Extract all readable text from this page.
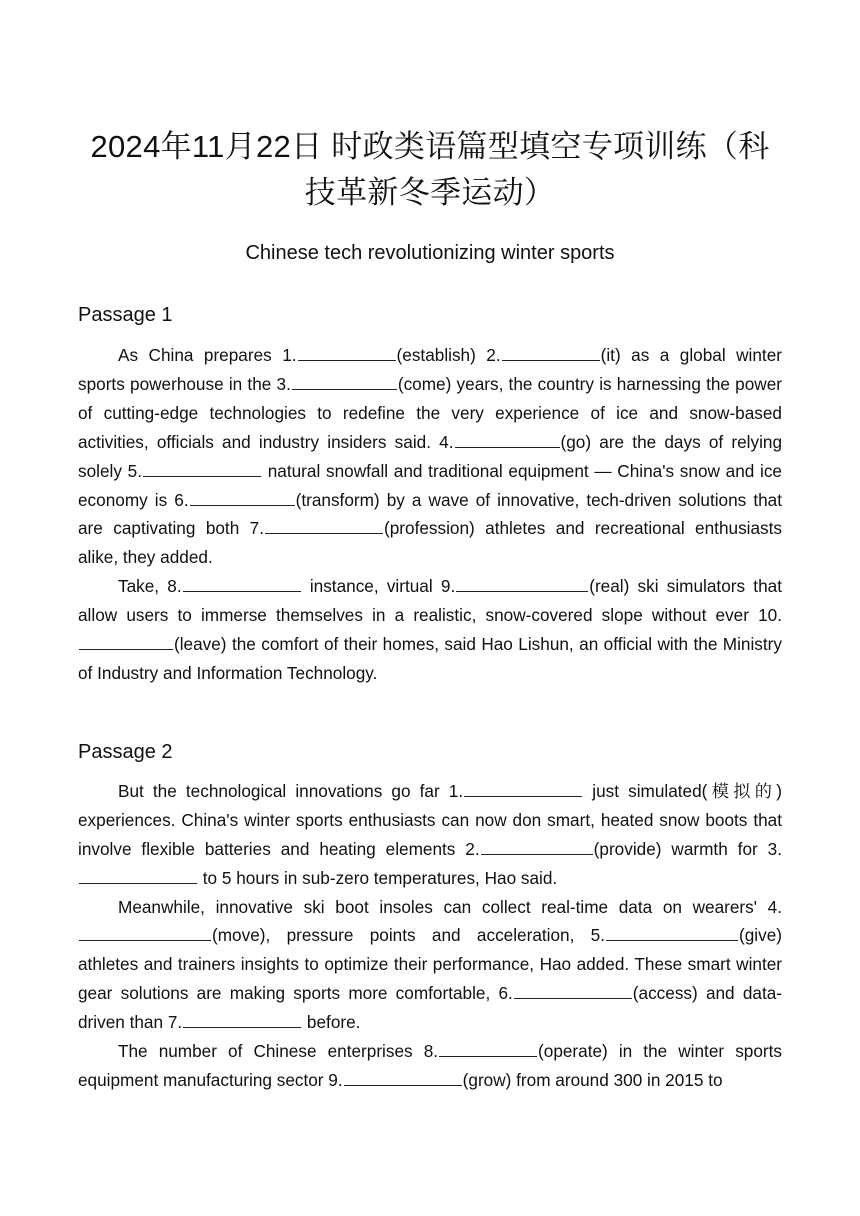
2024年11月22日 时政类语篇型填空专项训练（科技革新冬季运动）
Chinese tech revolutionizing winter sports
Passage 1

As China prepares 1.	(establish) 2.	(it) as a global winter sports powerhouse in the 3.	(come) years, the country is harnessing the power of cutting-edge technologies to redefine the very experience of ice and snow-based activities, officials and industry insiders said. 4.	(go) are the days of relying solely 5.	natural snowfall and traditional equipment — China's snow and ice economy is 6.	(transform) by a wave of innovative, tech-driven solutions that are captivating both 7.	(profession) athletes and recreational enthusiasts alike, they added.

Take, 8.	instance, virtual 9.	(real) ski simulators that allow users to immerse themselves in a realistic, snow-covered slope without ever 10.(leave) the comfort of their homes, said Hao Lishun, an official with the Ministry of Industry and Information Technology.

Passage 2

But the technological innovations go far 1.	just simulated(模拟的) experiences. China's winter sports enthusiasts can now don smart, heated snow boots that involve flexible batteries and heating elements 2.	(provide) warmth for 3. to 5 hours in sub-zero temperatures, Hao said.

Meanwhile, innovative ski boot insoles can collect real-time data on wearers' 4.(move), pressure points and acceleration, 5.	(give) athletes and trainers insights to optimize their performance, Hao added. These smart winter gear solutions are making sports more comfortable, 6.	(access) and data-driven than 7.	before.

The number of Chinese enterprises 8.	(operate) in the winter sports equipment manufacturing sector 9.	(grow) from around 300 in 2015 to
